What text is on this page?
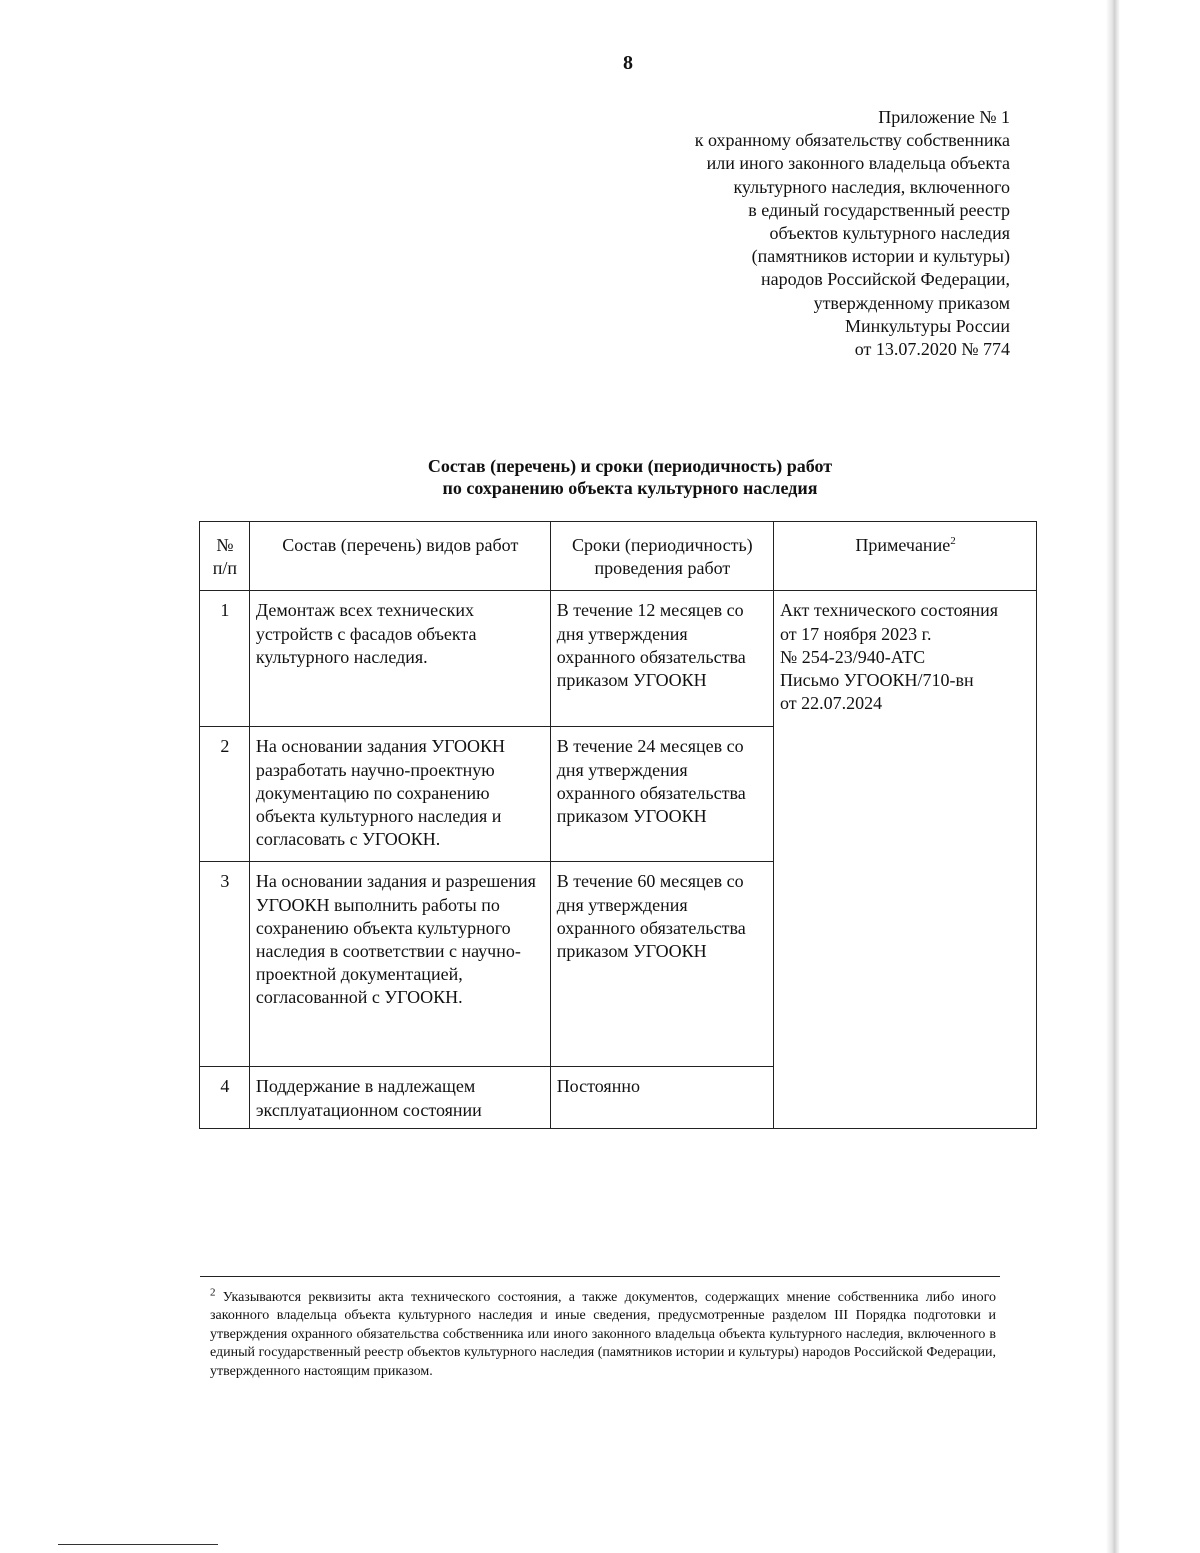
8
Приложение № 1
к охранному обязательству собственника
или иного законного владельца объекта
культурного наследия, включенного
в единый государственный реестр
объектов культурного наследия
(памятников истории и культуры)
народов Российской Федерации,
утвержденному приказом
Минкультуры России
от 13.07.2020 № 774
Состав (перечень) и сроки (периодичность) работ
по сохранению объекта культурного наследия
№
п/п	Состав (перечень) видов работ	Сроки (периодичность) проведения работ	Примечание$^2$
1	Демонтаж всех технических устройств с фасадов объекта культурного наследия.	В течение 12 месяцев со дня утверждения охранного обязательства приказом УГООКН	Акт технического состояния
от 17 ноября 2023 г.
№ 254-23/940-АТС
Письмо УГООКН/710-вн
от 22.07.2024

2	На основании задания УГООКН разработать научно-проектную документацию по сохранению объекта культурного наследия и согласовать с УГООКН.	В течение 24 месяцев со дня утверждения охранного обязательства приказом УГООКН	
3	На основании задания и разрешения УГООКН выполнить работы по сохранению объекта культурного наследия в соответствии с научно-проектной документацией, согласованной с УГООКН.	В течение 60 месяцев со дня утверждения охранного обязательства приказом УГООКН	
4	Поддержание в надлежащем эксплуатационном состоянии	Постоянно	
$^2$ Указываются реквизиты акта технического состояния, а также документов, содержащих мнение собственника либо иного законного владельца объекта культурного наследия и иные сведения, предусмотренные разделом III Порядка подготовки и утверждения охранного обязательства собственника или иного законного владельца объекта культурного наследия, включенного в единый государственный реестр объектов культурного наследия (памятников истории и культуры) народов Российской Федерации, утвержденного настоящим приказом.
